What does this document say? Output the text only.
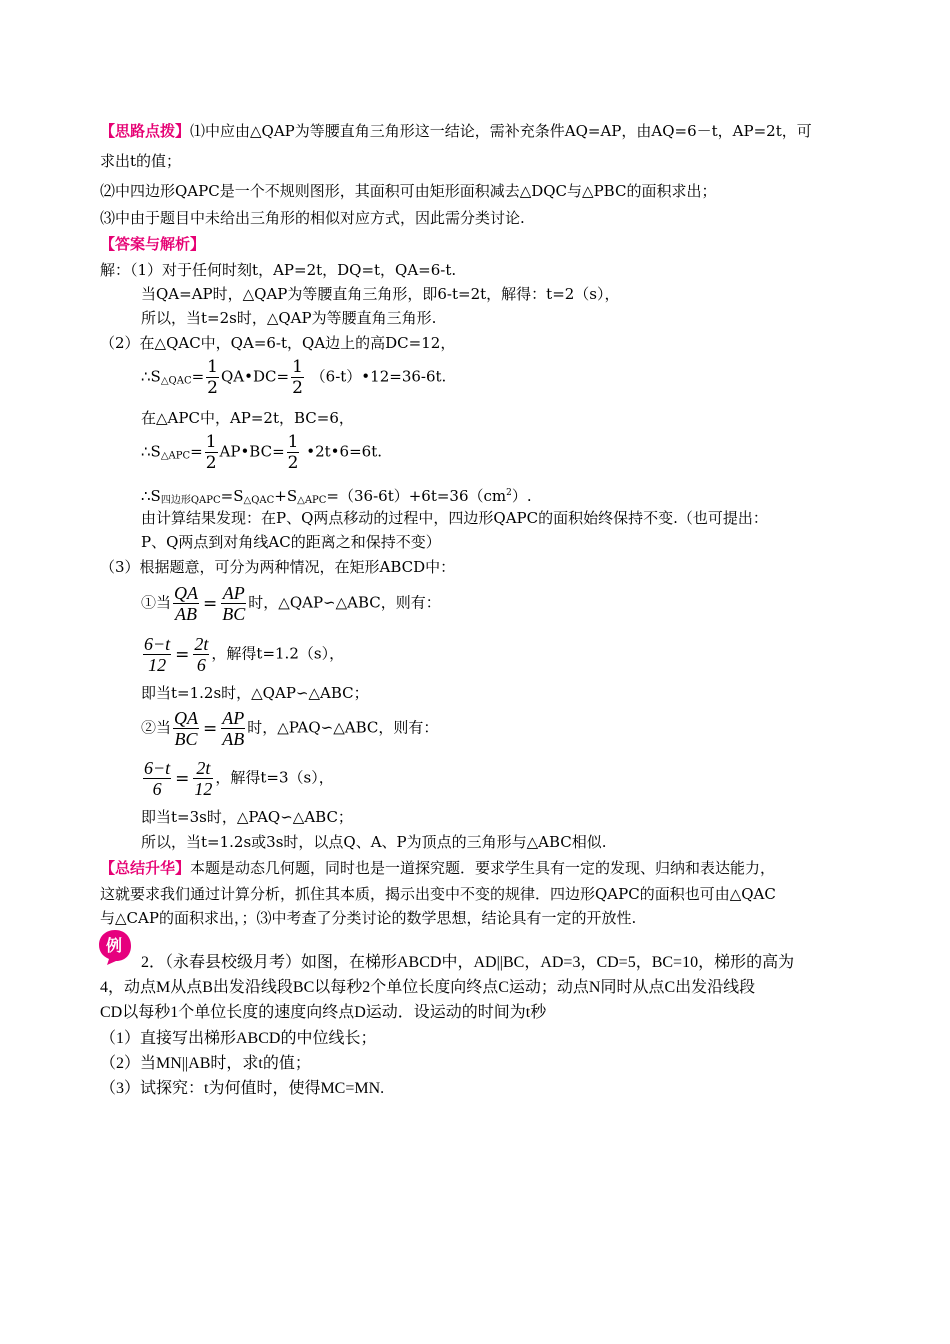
【思路点拨】⑴中应由△QAP为等腰直角三角形这一结论，需补充条件AQ=AP，由AQ=6－t，AP=2t，可
求出t的值；
⑵中四边形QAPC是一个不规则图形，其面积可由矩形面积减去△DQC与△PBC的面积求出；
⑶中由于题目中未给出三角形的相似对应方式，因此需分类讨论.
【答案与解析】
解：（1）对于任何时刻t，AP=2t，DQ=t，QA=6-t.
当QA=AP时，△QAP为等腰直角三角形，即6-t=2t，解得：t=2（s），
所以，当t=2s时，△QAP为等腰直角三角形.
（2）在△QAC中，QA=6-t，QA边上的高DC=12，
$\therefore S_{\triangle QAC}= \frac{1}{2}$ QA•DC= $\frac{1}{2}$ （6-t）•12=36-6t.
在△APC中，AP=2t，BC=6，
$\therefore S_{\triangle APC}= \frac{1}{2}$ AP•BC= $\frac{1}{2}$ •2t•6=6t.
$\therefore S_{四边形QAPC}=S_{\triangle QAC}+S_{\triangle APC}=(36-6t)+6t=36(cm^2)$.
由计算结果发现：在P、Q两点移动的过程中，四边形QAPC的面积始终保持不变.（也可提出：
P、Q两点到对角线AC的距离之和保持不变）
（3）根据题意，可分为两种情况，在矩形ABCD中：
①当 $\frac{QA}{AB} = \frac{AP}{BC}$ 时，△QAP∽△ABC，则有：
$\frac{6-t}{12} = \frac{2t}{6}$ ，解得t=1.2（s），
即当t=1.2s时，△QAP∽△ABC；
②当 $\frac{QA}{BC} = \frac{AP}{AB}$ 时，△PAQ∽△ABC，则有：
$\frac{6-t}{6} = \frac{2t}{12}$ ，解得t=3（s），
即当t=3s时，△PAQ∽△ABC；
所以，当t=1.2s或3s时，以点Q、A、P为顶点的三角形与△ABC相似.
【总结升华】本题是动态几何题，同时也是一道探究题．要求学生具有一定的发现、归纳和表达能力，
这就要求我们通过计算分析，抓住其本质，揭示出变中不变的规律．四边形QAPC的面积也可由△QAC
与△CAP的面积求出，；⑶中考查了分类讨论的数学思想，结论具有一定的开放性.
例
2．（永春县校级月考）如图，在梯形ABCD中，AD||BC，AD=3，CD=5，BC=10，梯形的高为
4，动点M从点B出发沿线段BC以每秒2个单位长度向终点C运动；动点N同时从点C出发沿线段
CD以每秒1个单位长度的速度向终点D运动．设运动的时间为t秒
（1）直接写出梯形ABCD的中位线长；
（2）当MN||AB时，求t的值；
（3）试探究：t为何值时，使得MC=MN.
